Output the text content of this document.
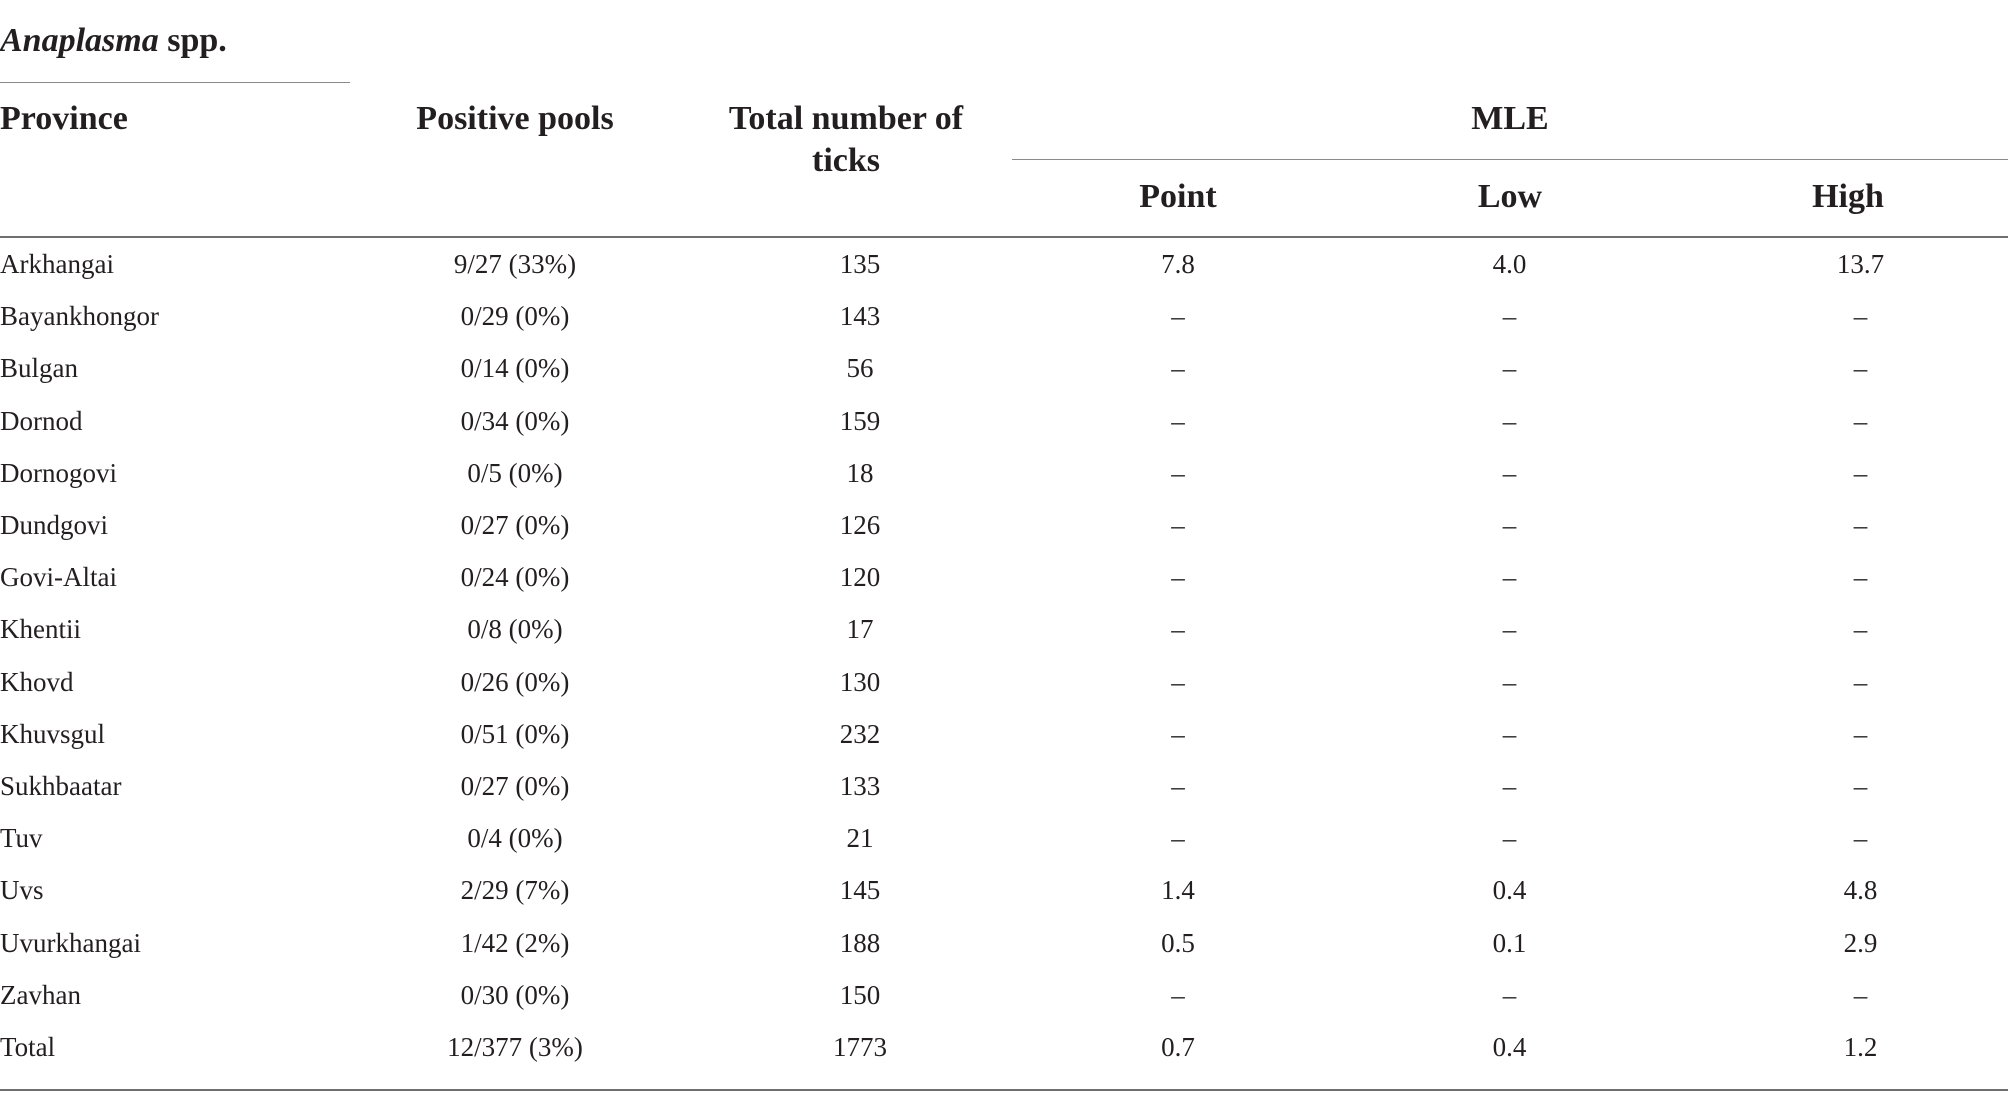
Anaplasma spp.
Province	Positive pools	Total number of ticks
MLE
Point	Low	High
Arkhangai	9/27 (33%)	135	7.8	4.0	13.7
Bayankhongor	0/29 (0%)	143	–	–	–
Bulgan	0/14 (0%)	56	–	–	–
Dornod	0/34 (0%)	159	–	–	–
Dornogovi	0/5 (0%)	18	–	–	–
Dundgovi	0/27 (0%)	126	–	–	–
Govi-Altai	0/24 (0%)	120	–	–	–
Khentii	0/8 (0%)	17	–	–	–
Khovd	0/26 (0%)	130	–	–	–
Khuvsgul	0/51 (0%)	232	–	–	–
Sukhbaatar	0/27 (0%)	133	–	–	–
Tuv	0/4 (0%)	21	–	–	–
Uvs	2/29 (7%)	145	1.4	0.4	4.8
Uvurkhangai	1/42 (2%)	188	0.5	0.1	2.9
Zavhan	0/30 (0%)	150	–	–	–
Total	12/377 (3%)	1773	0.7	0.4	1.2
